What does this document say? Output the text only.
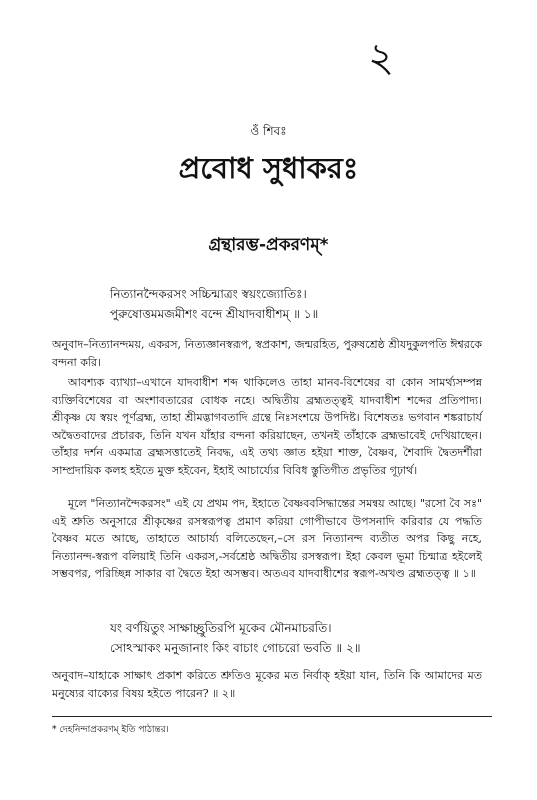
২
ওঁ শিবঃ
প্রবোধ সুধাকরঃ
গ্রন্থারম্ভ-প্রকরণম্*
নিত্যানন্দৈকরসং সচ্চিন্মাত্রং স্বয়ংজ্যোতিঃ।
পুরুষোত্তমমজমীশং বন্দে শ্রীযাদবাধীশম্ ॥ ১॥
অনুবাদ–নিত্যানন্দময়, একরস, নিত্যজ্ঞানস্বরূপ, স্বপ্রকাশ, জন্মরহিত, পুরুষশ্রেষ্ঠ শ্রীযদুকুলপতি ঈশ্বরকে বন্দনা করি।
আবশ্যক ব্যাখ্যা–এখানে যাদবাধীশ শব্দ থাকিলেও তাহা মানব-বিশেষের বা কোন সামর্থ্যসম্পন্ন ব্যক্তিবিশেষের বা অংশাবতারের বোধক নহে। অদ্বিতীয় ব্রহ্মতত্ত্বই যাদবাধীশ শব্দের প্রতিপাদ্য। শ্রীকৃষ্ণ যে স্বয়ং পূর্ণব্রহ্ম, তাহা শ্রীমদ্ভাগবতাদি গ্রন্থে নিঃসংশয়ে উপদিষ্ট। বিশেষতঃ ভগবান শঙ্করাচার্য অদ্বৈতবাদের প্রচারক, তিনি যখন যাঁহার বন্দনা করিয়াছেন, তখনই তাঁহাকে ব্রহ্মভাবেই দেখিয়াছেন। তাঁহার দর্শন একমাত্র ব্রহ্মসত্তাতেই নিবদ্ধ, এই তথ্য জ্ঞাত হইয়া শাক্ত, বৈষ্ণব, শৈবাদি দ্বৈতদর্শীরা সাম্প্রদায়িক কলহ হইতে মুক্ত হইবেন, ইহাই আচার্য্যের বিবিধ স্তুতিগীত প্রভৃতির গূঢ়ার্থ।
মূলে "নিত্যানন্দৈকরসং" এই যে প্রথম পদ, ইহাতে বৈষ্ণববসিদ্ধান্তের সমন্বয় আছে। "রসো বৈ সঃ" এই শ্রুতি অনুসারে শ্রীকৃষ্ণের রসস্বরূপত্ব প্রমাণ করিয়া গোপীভাবে উপসনাদি করিবার যে পদ্ধতি বৈষ্ণব মতে আছে, তাহাতে আচার্য্য বলিতেছেন,–সে রস নিত্যানন্দ ব্যতীত অপর কিছু নহে, নিত্যানন্দ-স্বরূপ বলিয়াই তিনি একরস,-সর্বশ্রেষ্ঠ অদ্বিতীয় রসস্বরূপ। ইহা কেবল ভূমা চিন্মাত্র হইলেই সম্ভবপর, পরিচ্ছিন্ন সাকার বা দ্বৈতে ইহা অসম্ভব। অতএব যাদবাধীশের স্বরূপ-অখণ্ড ব্রহ্মতত্ত্ব ॥ ১॥
যং বর্ণয়িতুং সাক্ষাচ্ছ্রুতিরপি মূকেব মৌনমাচরতি।
সোঽস্মাকং মনুজানাং কিং বাচাং গোচরো ভবতি ॥ ২॥
অনুবাদ–যাহাকে সাক্ষাৎ প্রকাশ করিতে শ্রুতিও মূকের মত নির্বাক্ হইয়া যান, তিনি কি আমাদের মত মনুষ্যের বাক্যের বিষয় হইতে পারেন? ॥ ২॥
* দেহনিন্দাপ্রকরণম্ ইতি পাঠান্তর।
